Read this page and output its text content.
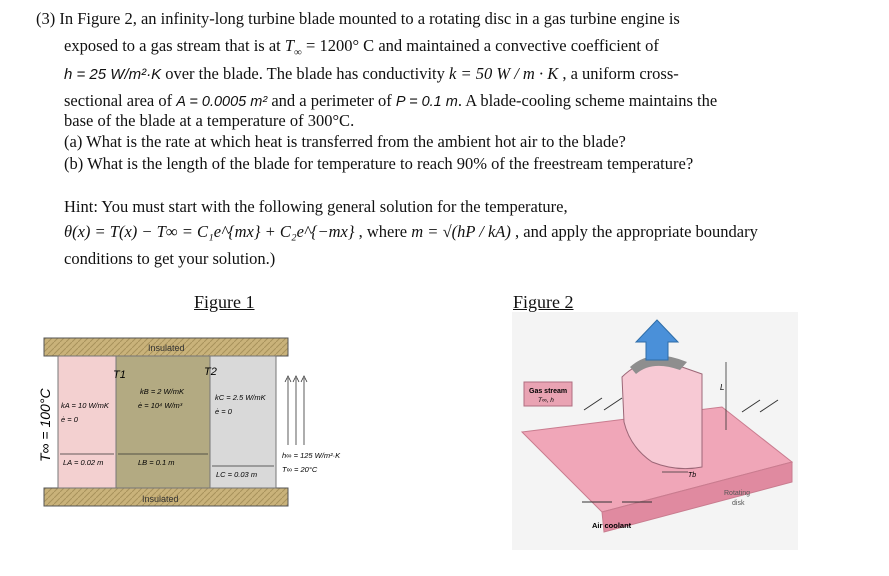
(3) In Figure 2, an infinity-long turbine blade mounted to a rotating disc in a gas turbine engine is
exposed to a gas stream that is at $T_\infty = 1200^\circ$ C and maintained a convective coefficient of
h = 25 W/m²·K over the blade. The blade has conductivity k = 50 W / m · K , a uniform cross-
sectional area of A = 0.0005 m² and a perimeter of P = 0.1 m. A blade-cooling scheme maintains the
base of the blade at a temperature of 300°C.
(a) What is the rate at which heat is transferred from the ambient hot air to the blade?
(b) What is the length of the blade for temperature to reach 90% of the freestream temperature?
Hint: You must start with the following general solution for the temperature,
θ(x) = T(x) − T∞ = C₁e^{mx} + C₂e^{−mx} , where m = √(hP / kA) , and apply the appropriate boundary
conditions to get your solution.)
Figure 1	Figure 2
Insulated
Insulated
T∞ = 100°C
T1	T2
kA = 10 W/mK
ė = 0
kB = 2 W/mK
ė = 10⁴ W/m³
kC = 2.5 W/mK
ė = 0
LA = 0.02 m	LB = 0.1 m
LC = 0.03 m
h∞ = 125 W/m²·K
T∞ = 20°C
Gas stream
T∞, h
L
Tb
Rotating
disk
Air coolant
